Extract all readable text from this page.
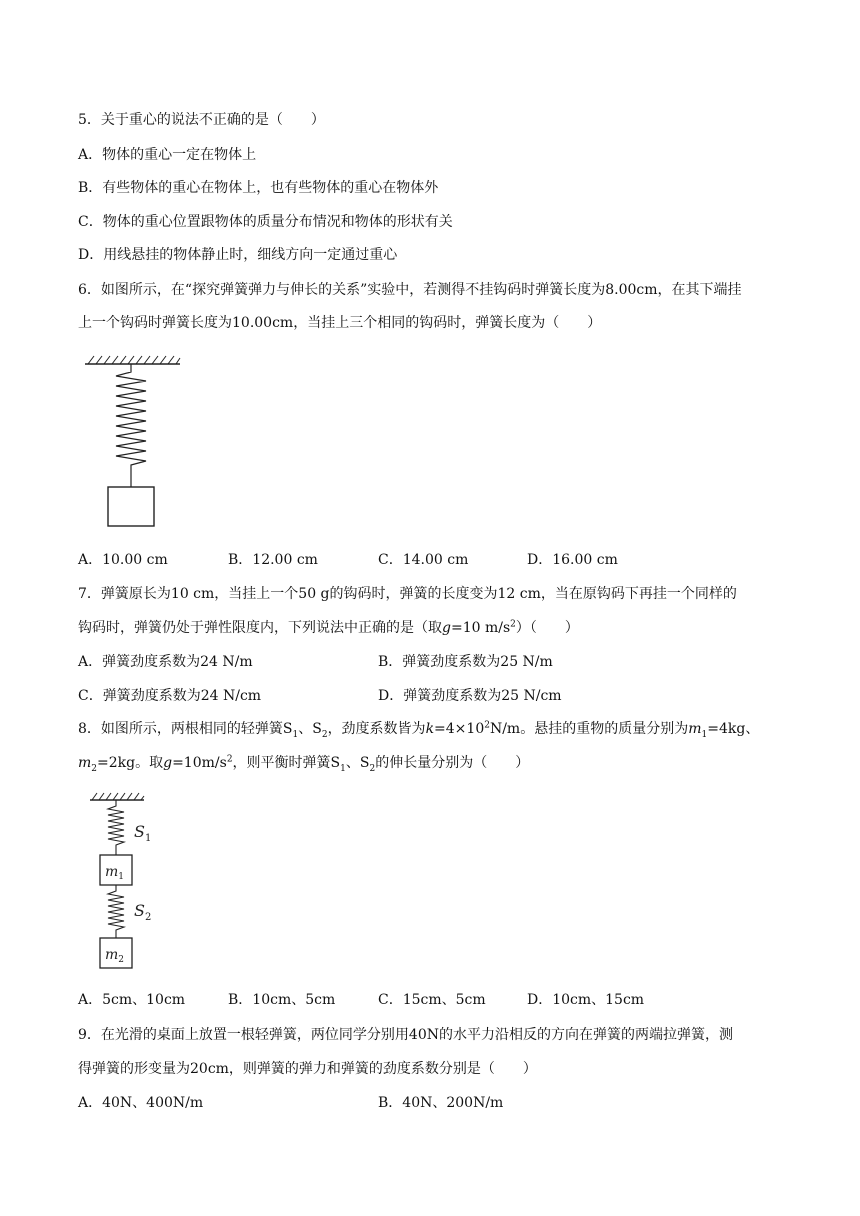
5．关于重心的说法不正确的是（　　）
A．物体的重心一定在物体上
B．有些物体的重心在物体上，也有些物体的重心在物体外
C．物体的重心位置跟物体的质量分布情况和物体的形状有关
D．用线悬挂的物体静止时，细线方向一定通过重心
6．如图所示，在“探究弹簧弹力与伸长的关系”实验中，若测得不挂钩码时弹簧长度为8.00cm，在其下端挂
上一个钩码时弹簧长度为10.00cm，当挂上三个相同的钩码时，弹簧长度为（　　）
A．10.00 cm	B．12.00 cm	C．14.00 cm	D．16.00 cm
7．弹簧原长为10 cm，当挂上一个50 g的钩码时，弹簧的长度变为12 cm，当在原钩码下再挂一个同样的
钩码时，弹簧仍处于弹性限度内，下列说法中正确的是（取g=10 $m/s^2$）（　　）
A．弹簧劲度系数为24 N/m	B．弹簧劲度系数为25 N/m
C．弹簧劲度系数为24 N/cm	D．弹簧劲度系数为25 N/cm
8．如图所示，两根相同的轻弹簧$S_1$、$S_2$，劲度系数皆为$k=4\times 10^2N/m$。悬挂的重物的质量分别为$m_1=4kg$、
$m_2=2kg$。取$g=10m/s^2$，则平衡时弹簧$S_1$、$S_2$的伸长量分别为（　　）
$S_1$
$m_1$
$S_2$
$m_2$
A．5cm、10cm	B．10cm、5cm	C．15cm、5cm	D．10cm、15cm
9．在光滑的桌面上放置一根轻弹簧，两位同学分别用40N的水平力沿相反的方向在弹簧的两端拉弹簧，测
得弹簧的形变量为20cm，则弹簧的弹力和弹簧的劲度系数分别是（　　）
A．40N、400N/m	B．40N、200N/m
